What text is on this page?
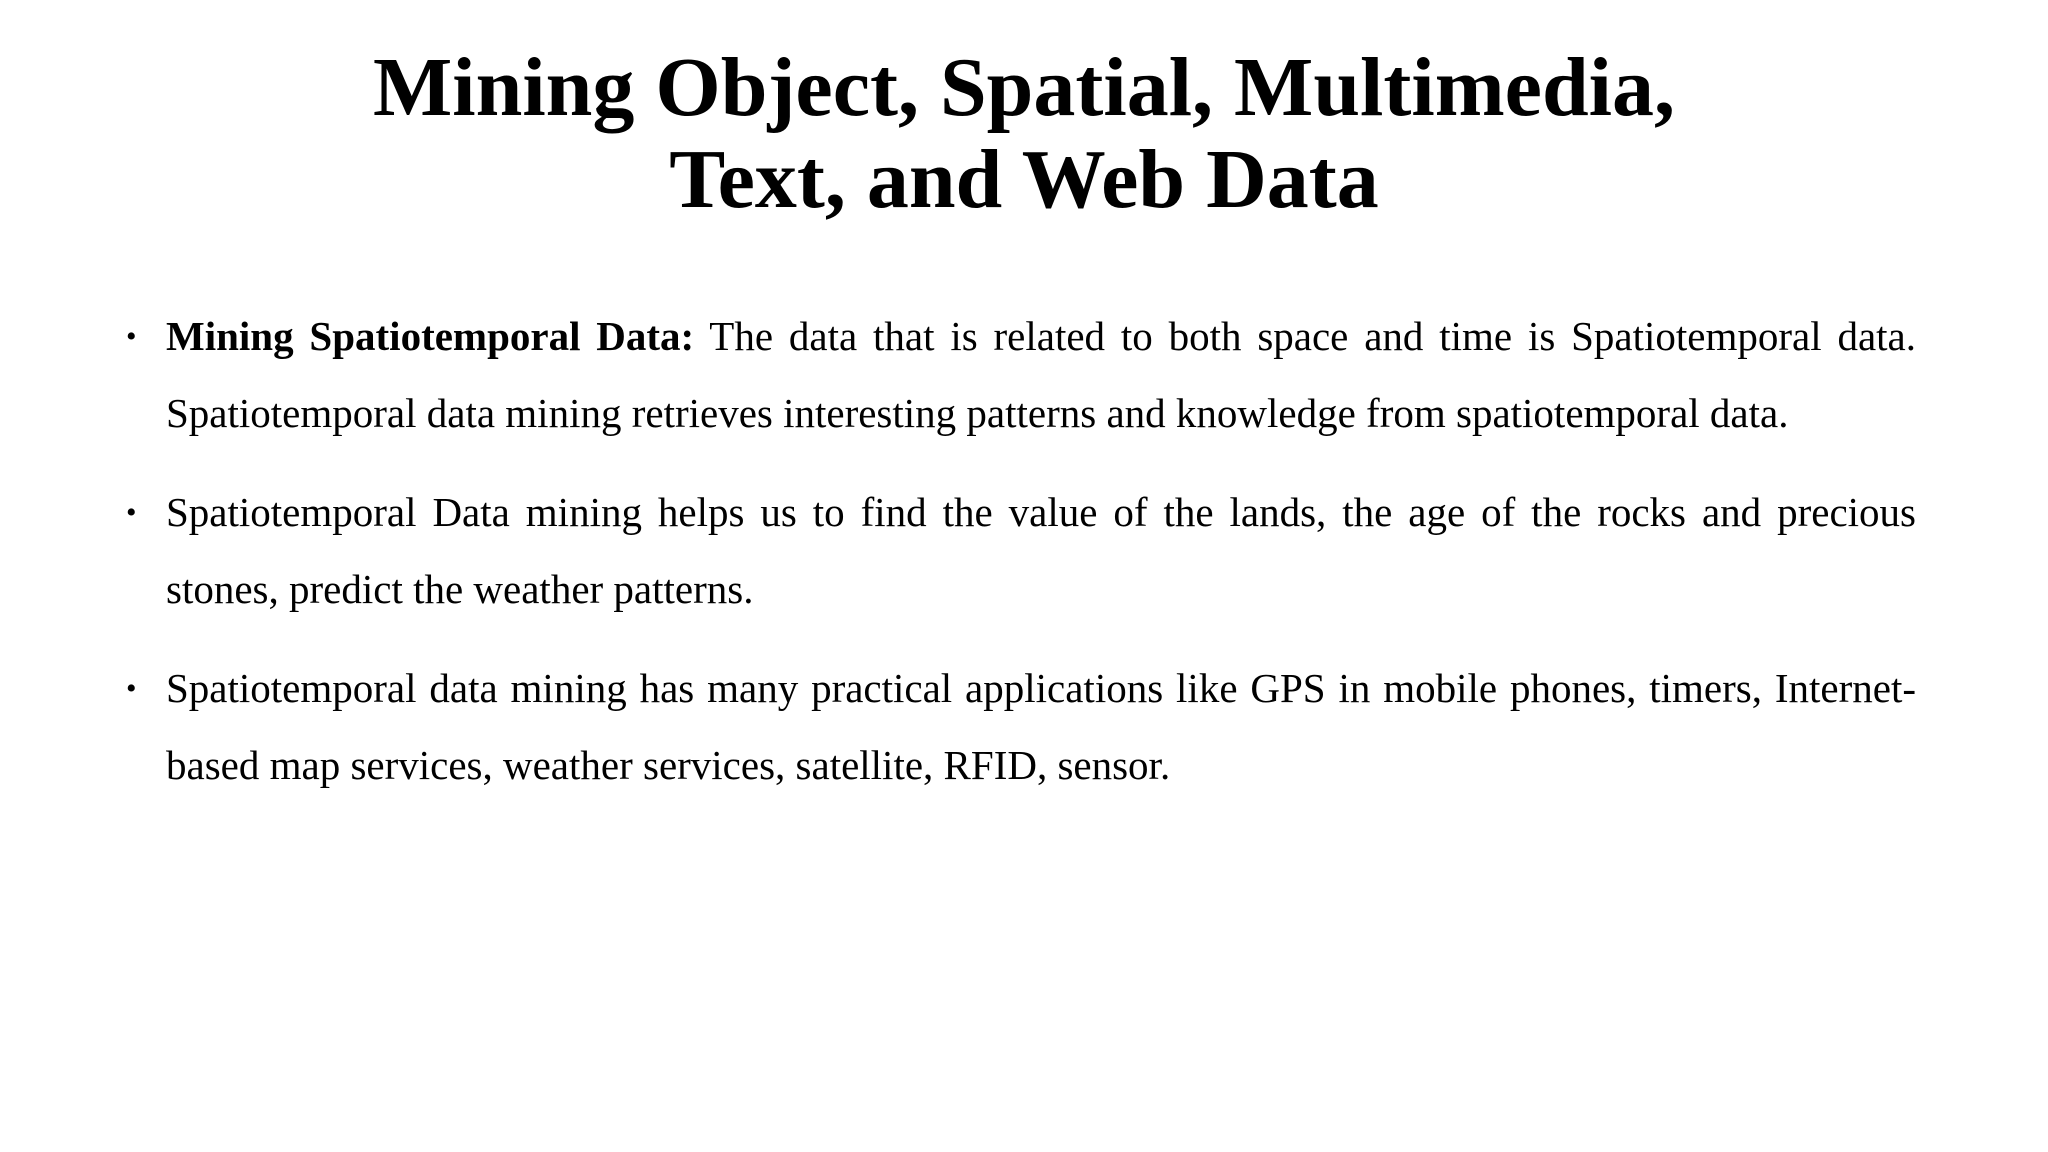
Mining Object, Spatial, Multimedia,
Text, and Web Data
• Mining Spatiotemporal Data: The data that is related to both space and time is Spatiotemporal data. Spatiotemporal data mining retrieves interesting patterns and knowledge from spatiotemporal data.
• Spatiotemporal Data mining helps us to find the value of the lands, the age of the rocks and precious stones, predict the weather patterns.
• Spatiotemporal data mining has many practical applications like GPS in mobile phones, timers, Internet-based map services, weather services, satellite, RFID, sensor.
